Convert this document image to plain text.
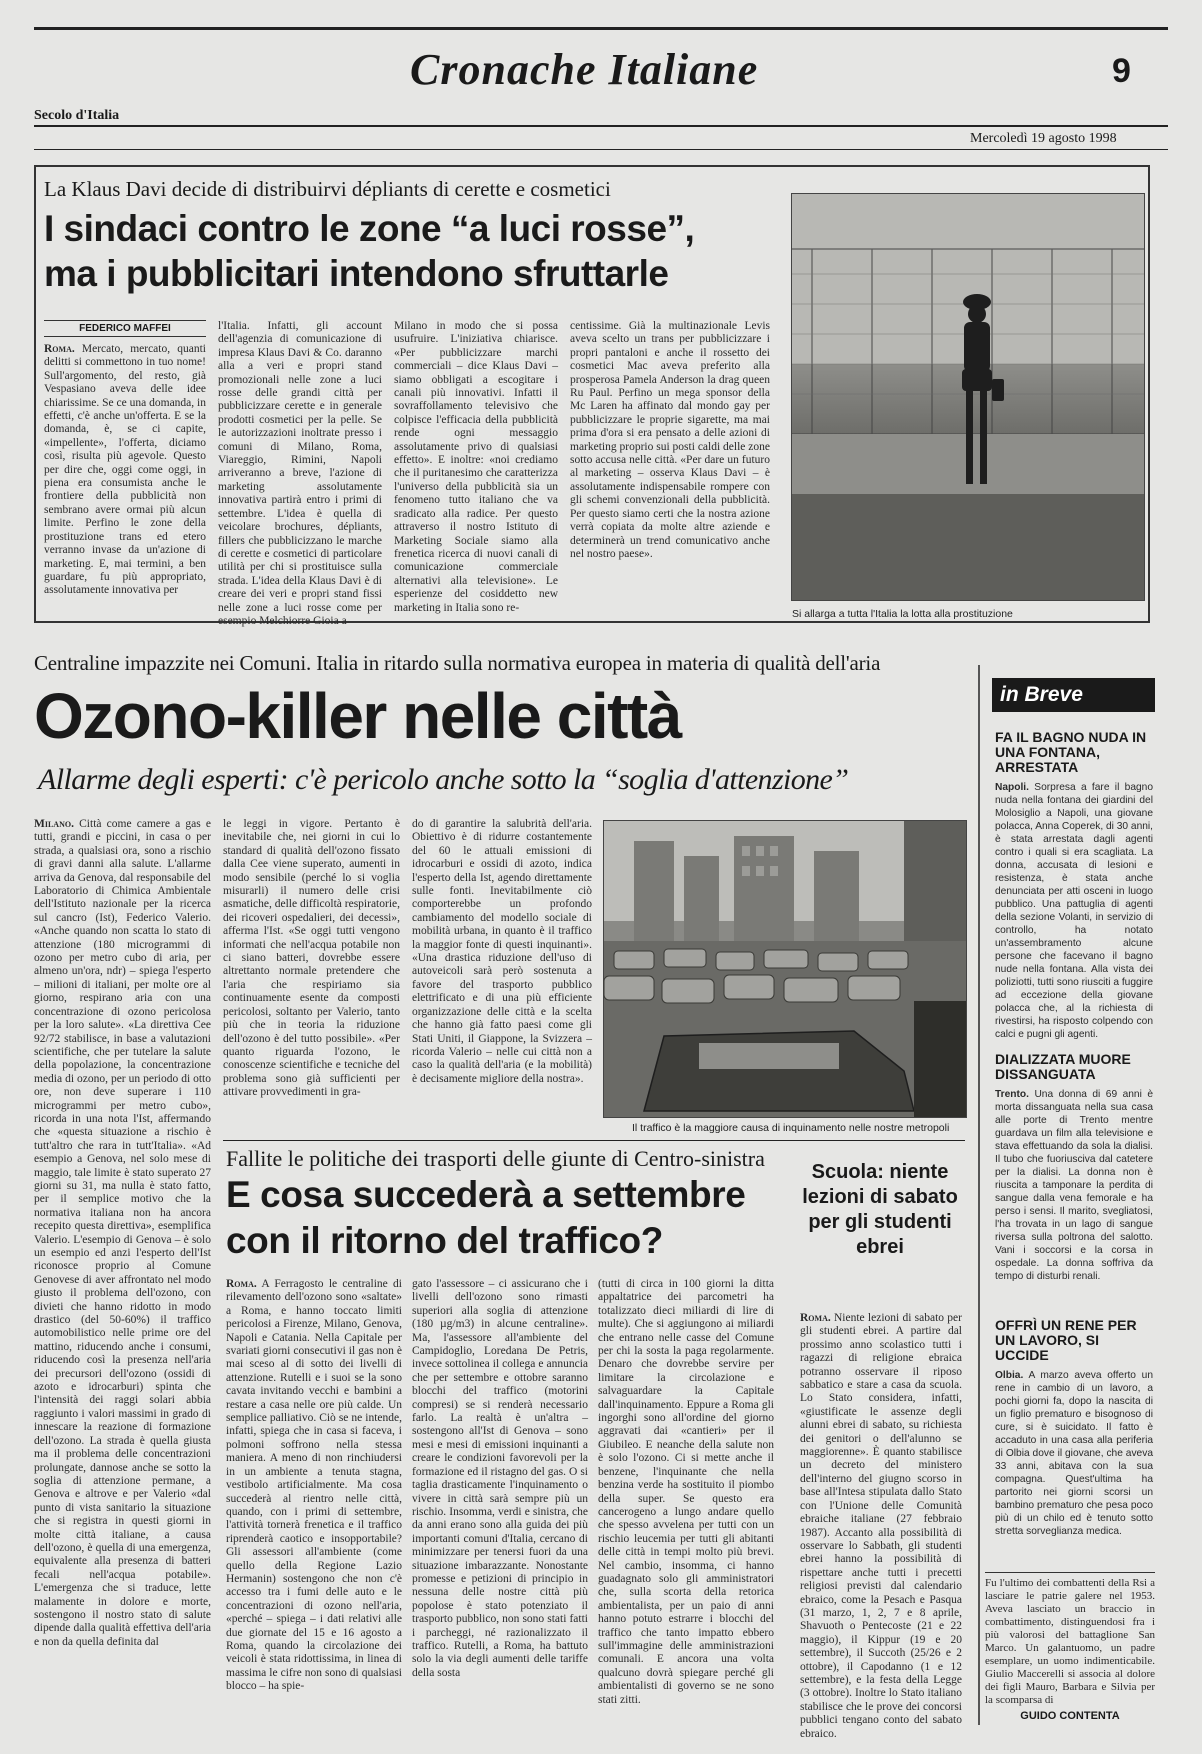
Cronache Italiane	9
Secolo d'Italia
Mercoledì 19 agosto 1998
La Klaus Davi decide di distribuirvi dépliants di cerette e cosmetici
I sindaci contro le zone “a luci rosse”,
ma i pubblicitari intendono sfruttarle
FEDERICO MAFFEI
Roma. Mercato, mercato, quanti delitti si commettono in tuo nome! Sull'argomento, del resto, già Vespasiano aveva delle idee chiarissime. Se ce una domanda, in effetti, c'è anche un'offerta. E se la domanda, è, se ci capite, «impellente», l'offerta, diciamo così, risulta più agevole. Questo per dire che, oggi come oggi, in piena era consumista anche le frontiere della pubblicità non sembrano avere ormai più alcun limite. Perfino le zone della prostituzione trans ed etero verranno invase da un'azione di marketing. E, mai termini, a ben guardare, fu più appropriato, assolutamente innovativa per
l'Italia. Infatti, gli account dell'agenzia di comunicazione di impresa Klaus Davi & Co. daranno alla a veri e propri stand promozionali nelle zone a luci rosse delle grandi città per pubblicizzare cerette e in generale prodotti cosmetici per la pelle. Se le autorizzazioni inoltrate presso i comuni di Milano, Roma, Viareggio, Rimini, Napoli arriveranno a breve, l'azione di marketing assolutamente innovativa partirà entro i primi di settembre. L'idea è quella di veicolare brochures, dépliants, fillers che pubblicizzano le marche di cerette e cosmetici di particolare utilità per chi si prostituisce sulla strada. L'idea della Klaus Davi è di creare dei veri e propri stand fissi nelle zone a luci rosse come per esempio Melchiorre Gioia a
Milano in modo che si possa usufruire. L'iniziativa chiarisce. «Per pubblicizzare marchi commerciali – dice Klaus Davi – siamo obbligati a escogitare i canali più innovativi. Infatti il sovraffollamento televisivo che colpisce l'efficacia della pubblicità rende ogni messaggio assolutamente privo di qualsiasi effetto». E inoltre: «noi crediamo che il puritanesimo che caratterizza l'universo della pubblicità sia un fenomeno tutto italiano che va sradicato alla radice. Per questo attraverso il nostro Istituto di Marketing Sociale siamo alla frenetica ricerca di nuovi canali di comunicazione commerciale alternativi alla televisione». Le esperienze del cosiddetto new marketing in Italia sono re-
centissime. Già la multinazionale Levis aveva scelto un trans per pubblicizzare i propri pantaloni e anche il rossetto dei cosmetici Mac aveva preferito alla prosperosa Pamela Anderson la drag queen Ru Paul. Perfino un mega sponsor della Mc Laren ha affinato dal mondo gay per pubblicizzare le proprie sigarette, ma mai prima d'ora si era pensato a delle azioni di marketing proprio sui posti caldi delle zone sotto accusa nelle città. «Per dare un futuro al marketing – osserva Klaus Davi – è assolutamente indispensabile rompere con gli schemi convenzionali della pubblicità. Per questo siamo certi che la nostra azione verrà copiata da molte altre aziende e determinerà un trend comunicativo anche nel nostro paese».
Si allarga a tutta l'Italia la lotta alla prostituzione
Centraline impazzite nei Comuni. Italia in ritardo sulla normativa europea in materia di qualità dell'aria
Ozono-killer nelle città
Allarme degli esperti: c'è pericolo anche sotto la “soglia d'attenzione”
Milano. Città come camere a gas e tutti, grandi e piccini, in casa o per strada, a qualsiasi ora, sono a rischio di gravi danni alla salute. L'allarme arriva da Genova, dal responsabile del Laboratorio di Chimica Ambientale dell'Istituto nazionale per la ricerca sul cancro (Ist), Federico Valerio. «Anche quando non scatta lo stato di attenzione (180 microgrammi di ozono per metro cubo di aria, per almeno un'ora, ndr) – spiega l'esperto – milioni di italiani, per molte ore al giorno, respirano aria con una concentrazione di ozono pericolosa per la loro salute». «La direttiva Cee 92/72 stabilisce, in base a valutazioni scientifiche, che per tutelare la salute della popolazione, la concentrazione media di ozono, per un periodo di otto ore, non deve superare i 110 microgrammi per metro cubo», ricorda in una nota l'Ist, affermando che «questa situazione a rischio è tutt'altro che rara in tutt'Italia». «Ad esempio a Genova, nel solo mese di maggio, tale limite è stato superato 27 giorni su 31, ma nulla è stato fatto, per il semplice motivo che la normativa italiana non ha ancora recepito questa direttiva», esemplifica Valerio. L'esempio di Genova – è solo un esempio ed anzi l'esperto dell'Ist riconosce proprio al Comune Genovese di aver affrontato nel modo giusto il problema dell'ozono, con divieti che hanno ridotto in modo drastico (del 50-60%) il traffico automobilistico nelle prime ore del mattino, riducendo anche i consumi, riducendo così la presenza nell'aria dei precursori dell'ozono (ossidi di azoto e idrocarburi) spinta che l'intensità dei raggi solari abbia raggiunto i valori massimi in grado di innescare la reazione di formazione dell'ozono. La strada è quella giusta ma il problema delle concentrazioni prolungate, dannose anche se sotto la soglia di attenzione permane, a Genova e altrove e per Valerio «dal punto di vista sanitario la situazione che si registra in questi giorni in molte città italiane, a causa dell'ozono, è quella di una emergenza, equivalente alla presenza di batteri fecali nell'acqua potabile». L'emergenza che si traduce, lette malamente in dolore e morte, sostengono il nostro stato di salute dipende dalla qualità effettiva dell'aria e non da quella definita dal
le leggi in vigore. Pertanto è inevitabile che, nei giorni in cui lo standard di qualità dell'ozono fissato dalla Cee viene superato, aumenti in modo sensibile (perché lo si voglia misurarli) il numero delle crisi asmatiche, delle difficoltà respiratorie, dei ricoveri ospedalieri, dei decessi», afferma l'Ist. «Se oggi tutti vengono informati che nell'acqua potabile non ci siano batteri, dovrebbe essere altrettanto normale pretendere che l'aria che respiriamo sia continuamente esente da composti pericolosi, soltanto per Valerio, tanto più che in teoria la riduzione dell'ozono è del tutto possibile». «Per quanto riguarda l'ozono, le conoscenze scientifiche e tecniche del problema sono già sufficienti per attivare provvedimenti in gra-
do di garantire la salubrità dell'aria. Obiettivo è di ridurre costantemente del 60 le attuali emissioni di idrocarburi e ossidi di azoto, indica l'esperto della Ist, agendo direttamente sulle fonti. Inevitabilmente ciò comporterebbe un profondo cambiamento del modello sociale di mobilità urbana, in quanto è il traffico la maggior fonte di questi inquinanti». «Una drastica riduzione dell'uso di autoveicoli sarà però sostenuta a favore del trasporto pubblico elettrificato e di una più efficiente organizzazione delle città e la scelta che hanno già fatto paesi come gli Stati Uniti, il Giappone, la Svizzera – ricorda Valerio – nelle cui città non a caso la qualità dell'aria (e la mobilità) è decisamente migliore della nostra».
Il traffico è la maggiore causa di inquinamento nelle nostre metropoli
Fallite le politiche dei trasporti delle giunte di Centro-sinistra
E cosa succederà a settembre
con il ritorno del traffico?
Roma. A Ferragosto le centraline di rilevamento dell'ozono sono «saltate» a Roma, e hanno toccato limiti pericolosi a Firenze, Milano, Genova, Napoli e Catania. Nella Capitale per svariati giorni consecutivi il gas non è mai sceso al di sotto dei livelli di attenzione. Rutelli e i suoi se la sono cavata invitando vecchi e bambini a restare a casa nelle ore più calde. Un semplice palliativo. Ciò se ne intende, infatti, spiega che in casa si faceva, i polmoni soffrono nella stessa maniera. A meno di non rinchiudersi in un ambiente a tenuta stagna, vestibolo artificialmente. Ma cosa succederà al rientro nelle città, quando, con i primi di settembre, l'attività tornerà frenetica e il traffico riprenderà caotico e insopportabile? Gli assessori all'ambiente (come quello della Regione Lazio Hermanin) sostengono che non c'è accesso tra i fumi delle auto e le concentrazioni di ozono nell'aria, «perché – spiega – i dati relativi alle due giornate del 15 e 16 agosto a Roma, quando la circolazione dei veicoli è stata ridottissima, in linea di massima le cifre non sono di qualsiasi blocco – ha spie-
gato l'assessore – ci assicurano che i livelli dell'ozono sono rimasti superiori alla soglia di attenzione (180 µg/m3) in alcune centraline». Ma, l'assessore all'ambiente del Campidoglio, Loredana De Petris, invece sottolinea il collega e annuncia che per settembre e ottobre saranno blocchi del traffico (motorini compresi) se si renderà necessario farlo. La realtà è un'altra – sostengono all'Ist di Genova – sono mesi e mesi di emissioni inquinanti a creare le condizioni favorevoli per la formazione ed il ristagno del gas. O si taglia drasticamente l'inquinamento o vivere in città sarà sempre più un rischio. Insomma, verdi e sinistra, che da anni erano sono alla guida dei più importanti comuni d'Italia, cercano di minimizzare per tenersi fuori da una situazione imbarazzante. Nonostante promesse e petizioni di principio in nessuna delle nostre città più popolose è stato potenziato il trasporto pubblico, non sono stati fatti i parcheggi, né razionalizzato il traffico. Rutelli, a Roma, ha battuto solo la via degli aumenti delle tariffe della sosta
(tutti di circa in 100 giorni la ditta appaltatrice dei parcometri ha totalizzato dieci miliardi di lire di multe). Che si aggiungono ai miliardi che entrano nelle casse del Comune per chi la sosta la paga regolarmente. Denaro che dovrebbe servire per limitare la circolazione e salvaguardare la Capitale dall'inquinamento. Eppure a Roma gli ingorghi sono all'ordine del giorno aggravati dai «cantieri» per il Giubileo. E neanche della salute non è solo l'ozono. Ci si mette anche il benzene, l'inquinante che nella benzina verde ha sostituito il piombo della super. Se questo era cancerogeno a lungo andare quello che spesso avvelena per tutti con un rischio leucemia per tutti gli abitanti delle città in tempi molto più brevi. Nel cambio, insomma, ci hanno guadagnato solo gli amministratori che, sulla scorta della retorica ambientalista, per un paio di anni hanno potuto estrarre i blocchi del traffico che tanto impatto ebbero sull'immagine delle amministrazioni comunali. E ancora una volta qualcuno dovrà spiegare perché gli ambientalisti di governo se ne sono stati zitti.
Scuola: niente lezioni di sabato per gli studenti ebrei
Roma. Niente lezioni di sabato per gli studenti ebrei. A partire dal prossimo anno scolastico tutti i ragazzi di religione ebraica potranno osservare il riposo sabbatico e stare a casa da scuola. Lo Stato considera, infatti, «giustificate le assenze degli alunni ebrei di sabato, su richiesta dei genitori o dell'alunno se maggiorenne». È quanto stabilisce un decreto del ministero dell'interno del giugno scorso in base all'Intesa stipulata dallo Stato con l'Unione delle Comunità ebraiche italiane (27 febbraio 1987). Accanto alla possibilità di osservare lo Sabbath, gli studenti ebrei hanno la possibilità di rispettare anche tutti i precetti religiosi previsti dal calendario ebraico, come la Pesach e Pasqua (31 marzo, 1, 2, 7 e 8 aprile, Shavuoth o Pentecoste (21 e 22 maggio), il Kippur (19 e 20 settembre), il Succoth (25/26 e 2 ottobre), il Capodanno (1 e 12 settembre), e la festa della Legge (3 ottobre). Inoltre lo Stato italiano stabilisce che le prove dei concorsi pubblici tengano conto del sabato ebraico.
in Breve
FA IL BAGNO NUDA IN UNA FONTANA, ARRESTATA
Napoli. Sorpresa a fare il bagno nuda nella fontana dei giardini del Molosiglio a Napoli, una giovane polacca, Anna Coperek, di 30 anni, è stata arrestata dagli agenti contro i quali si era scagliata. La donna, accusata di lesioni e resistenza, è stata anche denunciata per atti osceni in luogo pubblico. Una pattuglia di agenti della sezione Volanti, in servizio di controllo, ha notato un'assembramento alcune persone che facevano il bagno nude nella fontana. Alla vista dei poliziotti, tutti sono riusciti a fuggire ad eccezione della giovane polacca che, al la richiesta di rivestirsi, ha risposto colpendo con calci e pugni gli agenti.
DIALIZZATA MUORE DISSANGUATA
Trento. Una donna di 69 anni è morta dissanguata nella sua casa alle porte di Trento mentre guardava un film alla televisione e stava effettuando da sola la dialisi. Il tubo che fuoriusciva dal catetere per la dialisi. La donna non è riuscita a tamponare la perdita di sangue dalla vena femorale e ha perso i sensi. Il marito, svegliatosi, l'ha trovata in un lago di sangue riversa sulla poltrona del salotto. Vani i soccorsi e la corsa in ospedale. La donna soffriva da tempo di disturbi renali.
OFFRÌ UN RENE PER UN LAVORO, SI UCCIDE
Olbia. A marzo aveva offerto un rene in cambio di un lavoro, a pochi giorni fa, dopo la nascita di un figlio prematuro e bisognoso di cure, si è suicidato. Il fatto è accaduto in una casa alla periferia di Olbia dove il giovane, che aveva 33 anni, abitava con la sua compagna. Quest'ultima ha partorito nei giorni scorsi un bambino prematuro che pesa poco più di un chilo ed è tenuto sotto stretta sorveglianza medica.
Fu l'ultimo dei combattenti della Rsi a lasciare le patrie galere nel 1953. Aveva lasciato un braccio in combattimento, distinguendosi fra i più valorosi del battaglione San Marco. Un galantuomo, un padre esemplare, un uomo indimenticabile. Giulio Maccerelli si associa al dolore dei figli Mauro, Barbara e Silvia per la scomparsa di
GUIDO CONTENTA
